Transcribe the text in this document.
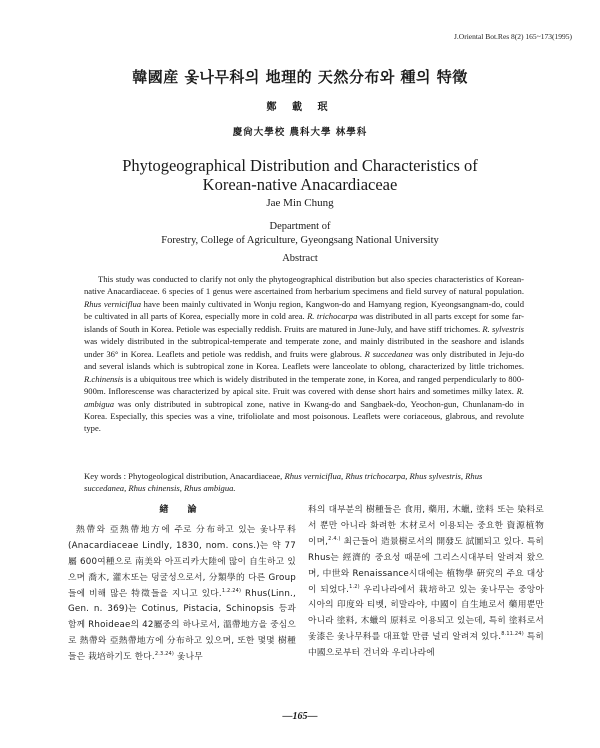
J.Oriental Bot.Res 8(2) 165~173(1995)
韓國産 옻나무科의 地理的 天然分布와 種의 特徵
鄭 載 珉
慶尙大學校 農科大學 林學科
Phytogeographical Distribution and Characteristics of
Korean-native Anacardiaceae
Jae Min Chung
Department of
Forestry, College of Agriculture, Gyeongsang National University
Abstract

This study was conducted to clarify not only the phytogeographical distribution but also species characteristics of Korean-native Anacardiaceae. 6 species of 1 genus were ascertained from herbarium specimens and field survey of natural population. Rhus verniciflua have been mainly cultivated in Wonju region, Kangwon-do and Hamyang region, Kyeongsangnam-do, could be cultivated in all parts of Korea, especially more in cold area. R. trichocarpa was distributed in all parts except for some far-islands of South in Korea. Petiole was especially reddish. Fruits are matured in June-July, and have stiff trichomes. R. sylvestris was widely distributed in the subtropical-temperate and temperate zone, and mainly distributed in the seashore and islands under 36° in Korea. Leaflets and petiole was reddish, and fruits were glabrous. R succedanea was only distributed in Jeju-do and several islands which is subtropical zone in Korea. Leaflets were lanceolate to oblong, characterized by little trichomes. R.chinensis is a ubiquitous tree which is widely distributed in the temperate zone, in Korea, and ranged perpendicularly to 800-900m. Inflorescense was characterized by apical site. Fruit was covered with dense short hairs and sometimes milky latex. R. ambigua was only distributed in subtropical zone, native in Kwang-do and Sangbaek-do, Yeochon-gun, Chunlanam-do in Korea. Especially, this species was a vine, trifoliolate and most poisonous. Leaflets were coriaceous, glabrous, and revolute type.

Key words : Phytogeological distribution, Anacardiaceae, Rhus verniciflua, Rhus trichocarpa, Rhus sylvestris, Rhus succedanea, Rhus chinensis, Rhus ambigua.
緖 論

熱帶와 亞熱帶地方에 주로 分布하고 있는 옻나무科(Anacardiaceae Lindly, 1830, nom. cons.)는 약 77屬 600여種으로 南美와 아프리카大陸에 많이 自生하고 있으며 喬木, 灌木또는 덩굴성으로서, 分類學的 다른 Group들에 비해 많은 特徵들을 지니고 있다.$^{1.2.24)}$ Rhus(Linn., Gen. n. 369)는 Cotinus, Pistacia, Schinopsis 등과 함께 Rhoideae의 42屬중의 하나로서, 溫帶地方을 중심으로 熱帶와 亞熱帶地方에 分布하고 있으며, 또한 몇몇 樹種들은 栽培하기도 한다.$^{2.3.24)}$ 옻나무

科의 대부분의 樹種들은 食用, 藥用, 木蠟, 塗料 또는 染料로서 뿐만 아니라 화려한 木材로서 이용되는 중요한 資源植物이며,$^{2.4.)}$ 최근들어 造景樹로서의 開發도 試圖되고 있다. 특히 Rhus는 經濟的 중요성 때문에 그리스시대부터 알려져 왔으며, 中世와 Renaissance시대에는 植物學 硏究의 주요 대상이 되었다.$^{1.2)}$ 우리나라에서 栽培하고 있는 옻나무는 중앙아시아의 印度와 티벳, 히말라야, 中國이 自生地로서 藥用뿐만 아니라 塗料, 木蠟의 原料로 이용되고 있는데, 특히 塗料로서 옻漆은 옻나무科를 대표할 만큼 널리 알려져 있다.$^{8.11.24)}$ 특히 中國으로부터 건너와 우리나라에

—165—
